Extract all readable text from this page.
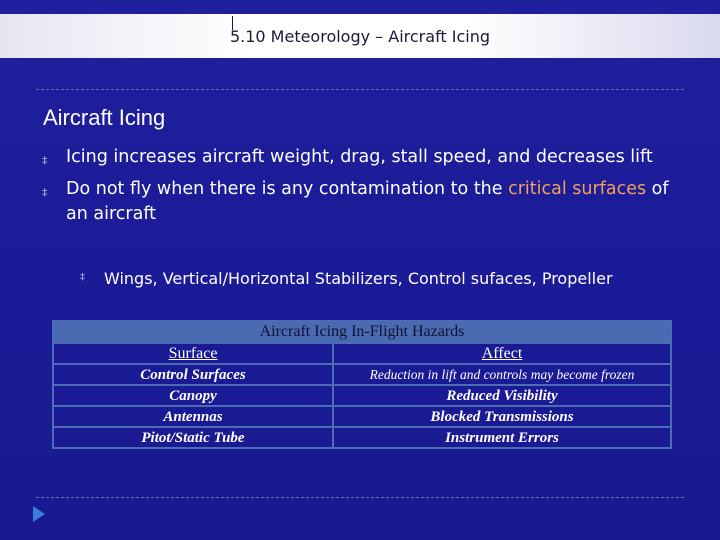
5.10 Meteorology – Aircraft Icing
Aircraft Icing
‡ Icing increases aircraft weight, drag, stall speed, and decreases lift
‡ Do not fly when there is any contamination to the critical surfaces of an aircraft
‡ Wings, Vertical/Horizontal Stabilizers, Control sufaces, Propeller
Aircraft Icing In-Flight Hazards	
Surface	Affect
Control Surfaces	Reduction in lift and controls may become frozen
Canopy	Reduced Visibility
Antennas	Blocked Transmissions
Pitot/Static Tube	Instrument Errors
